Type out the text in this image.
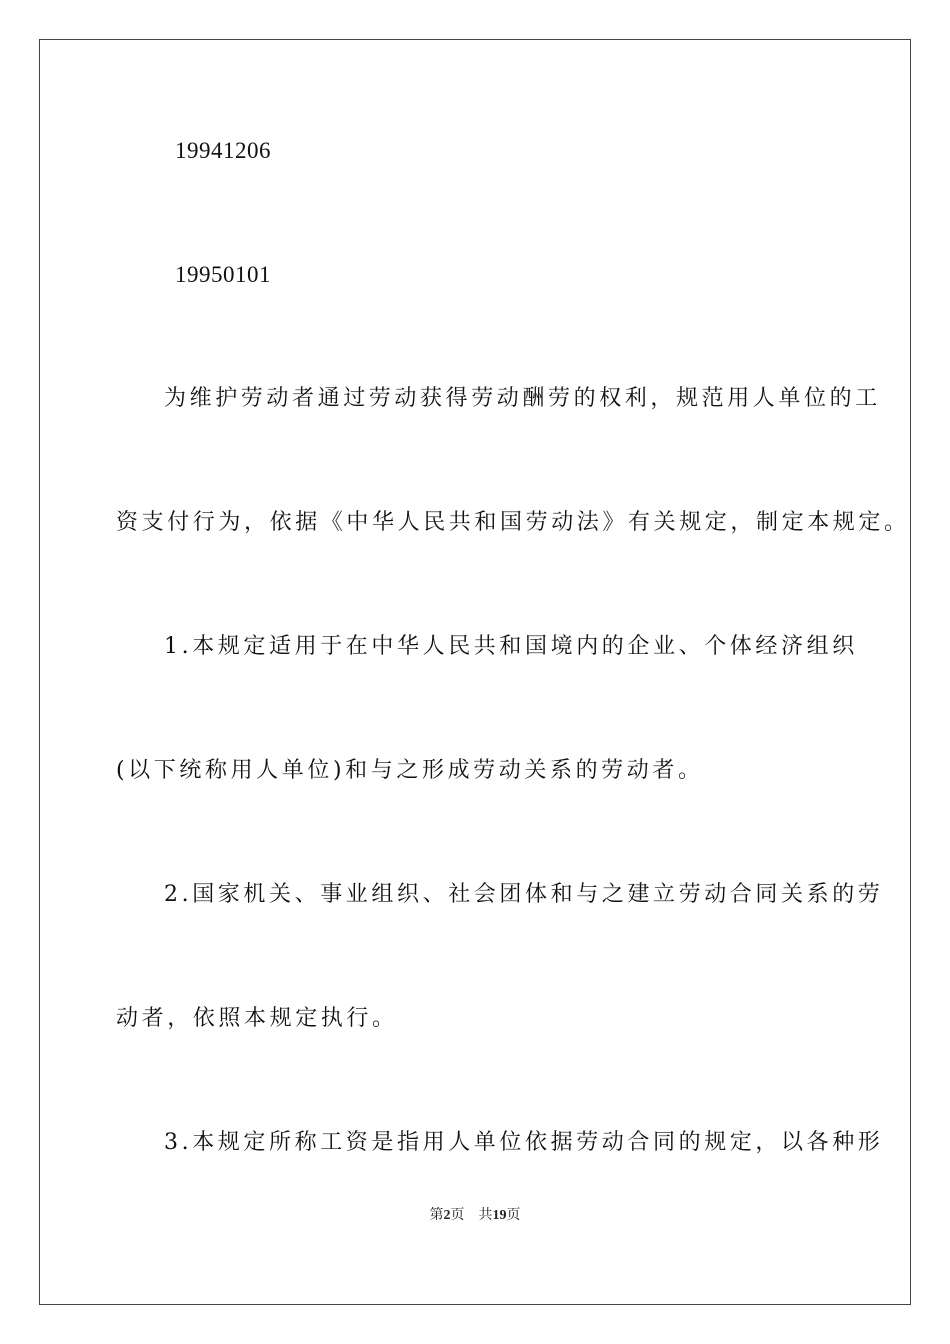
19941206
19950101
为维护劳动者通过劳动获得劳动酬劳的权利，规范用人单位的工
资支付行为，依据《中华人民共和国劳动法》有关规定，制定本规定。
1.本规定适用于在中华人民共和国境内的企业、个体经济组织
(以下统称用人单位)和与之形成劳动关系的劳动者。
2.国家机关、事业组织、社会团体和与之建立劳动合同关系的劳
动者，依照本规定执行。
3.本规定所称工资是指用人单位依据劳动合同的规定，以各种形
第2页    共19页
